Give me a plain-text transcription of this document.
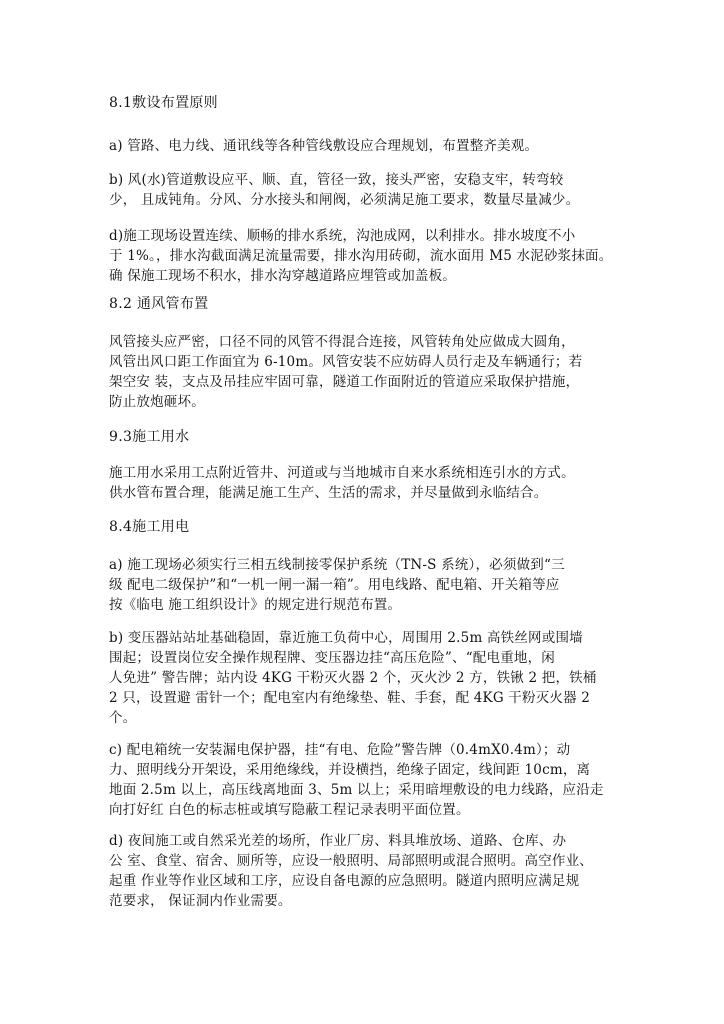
8.1敷设布置原则
a) 管路、电力线、通讯线等各种管线敷设应合理规划，布置整齐美观。
b) 风(水)管道敷设应平、顺、直，管径一致，接头严密，安稳支牢，转弯较
少， 且成钝角。分风、分水接头和闸阀，必须满足施工要求，数量尽量减少。
d)施工现场设置连续、顺畅的排水系统，沟池成网，以利排水。排水坡度不小
于 1%。，排水沟截面满足流量需要，排水沟用砖砌，流水面用 M5 水泥砂浆抹面。
确 保施工现场不积水，排水沟穿越道路应埋管或加盖板。
8.2 通风管布置
风管接头应严密，口径不同的风管不得混合连接，风管转角处应做成大圆角，
风管出风口距工作面宜为 6-10m。风管安装不应妨碍人员行走及车辆通行；若
架空安 装，支点及吊挂应牢固可靠，隧道工作面附近的管道应采取保护措施，
防止放炮砸坏。
9.3施工用水
施工用水采用工点附近管井、河道或与当地城市自来水系统相连引水的方式。
供水管布置合理，能满足施工生产、生活的需求，并尽量做到永临结合。
8.4施工用电
a) 施工现场必须实行三相五线制接零保护系统（TN-S 系统），必须做到“三
级 配电二级保护”和“一机一闸一漏一箱”。用电线路、配电箱、开关箱等应
按《临电 施工组织设计》的规定进行规范布置。
b) 变压器站站址基础稳固，靠近施工负荷中心，周围用 2.5m 高铁丝网或围墙
围起；设置岗位安全操作规程牌、变压器边挂“高压危险”、“配电重地，闲
人免进” 警告牌；站内设 4KG 干粉灭火器 2 个，灭火沙 2 方，铁锹 2 把，铁桶
2 只，设置避 雷针一个；配电室内有绝缘垫、鞋、手套，配 4KG 干粉灭火器 2
个。
c) 配电箱统一安装漏电保护器，挂“有电、危险”警告牌（0.4mX0.4m）；动
力、照明线分开架设，采用绝缘线，并设横挡，绝缘子固定，线间距 10cm，离
地面 2.5m 以上，高压线离地面 3、5m 以上；采用暗埋敷设的电力线路，应沿走
向打好红 白色的标志桩或填写隐蔽工程记录表明平面位置。
d) 夜间施工或自然采光差的场所，作业厂房、料具堆放场、道路、仓库、办
公 室、食堂、宿舍、厕所等，应设一般照明、局部照明或混合照明。高空作业、
起重 作业等作业区域和工序，应设自备电源的应急照明。隧道内照明应满足规
范要求， 保证洞内作业需要。
